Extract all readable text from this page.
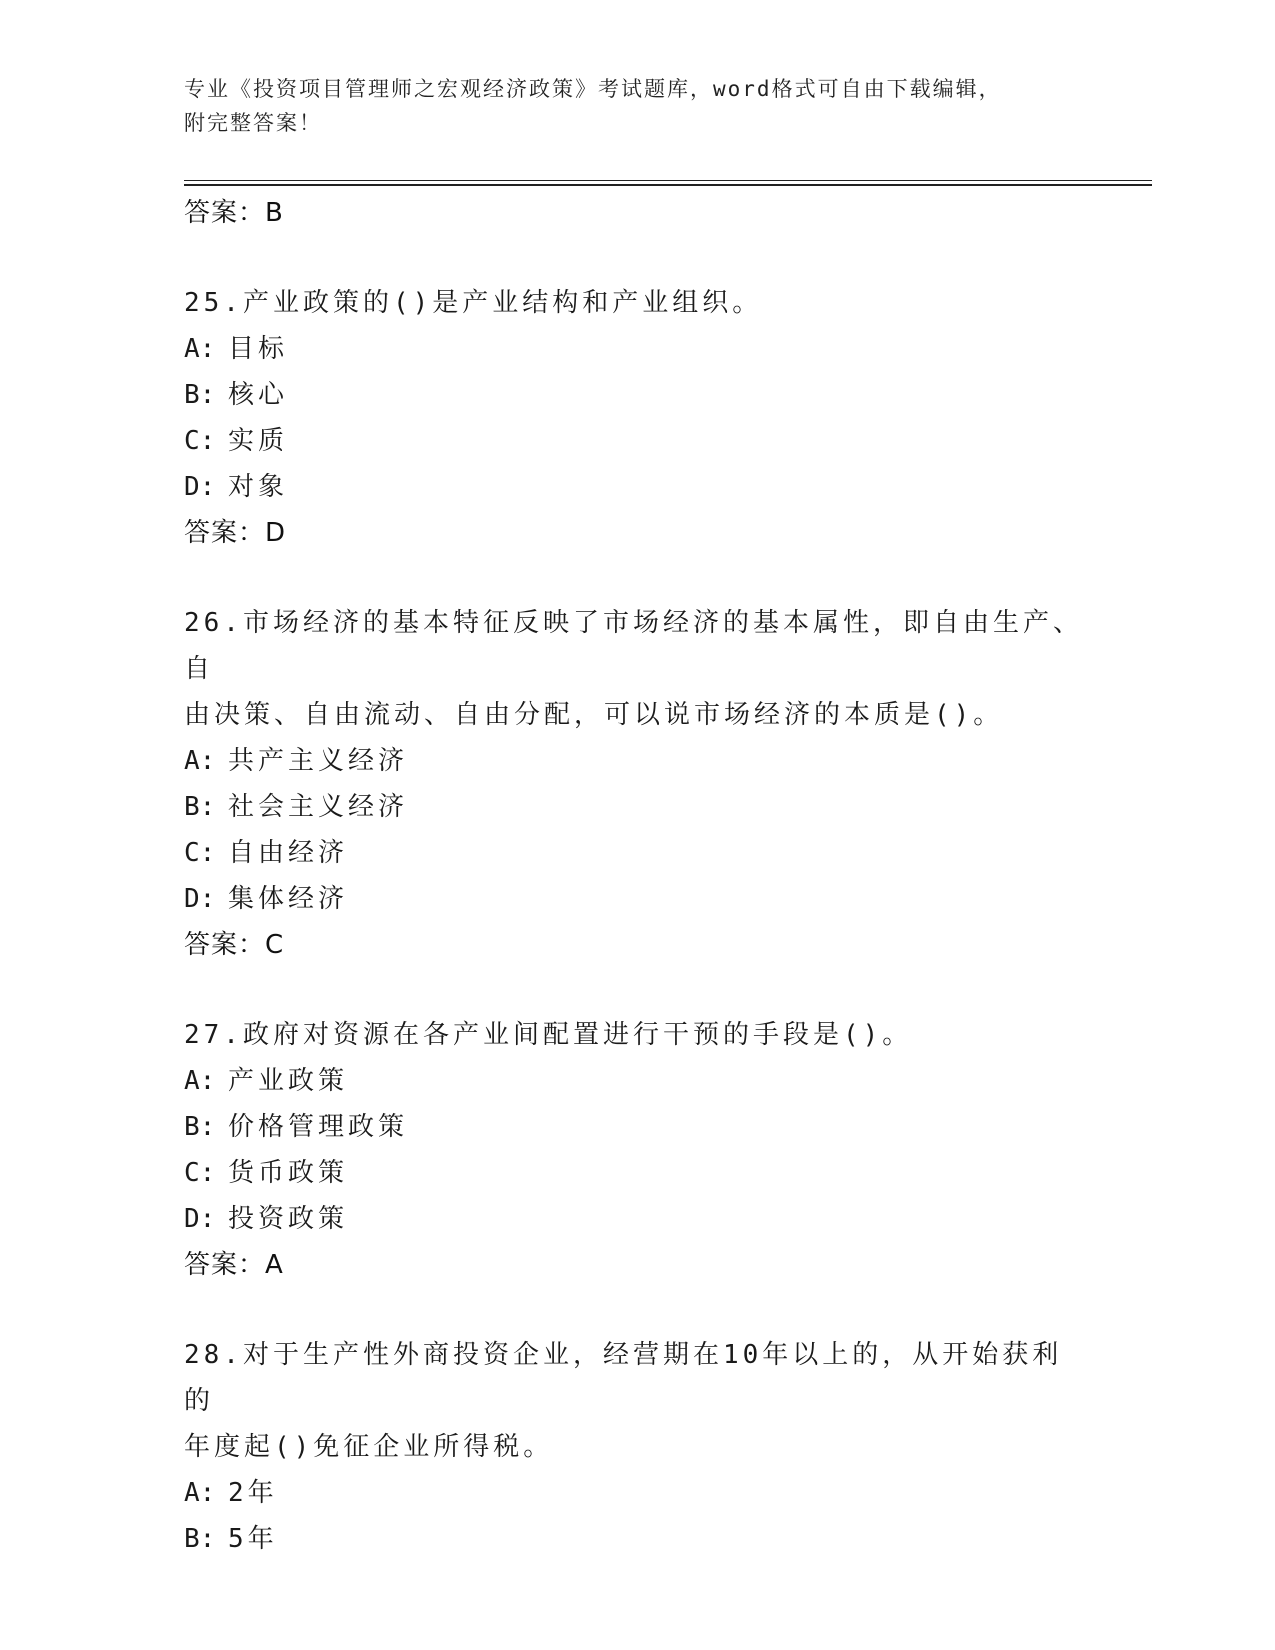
专业《投资项目管理师之宏观经济政策》考试题库，word格式可自由下载编辑，
附完整答案！
答案：B
25.产业政策的()是产业结构和产业组织。
A: 目标
B: 核心
C: 实质
D: 对象
答案：D
26.市场经济的基本特征反映了市场经济的基本属性，即自由生产、自
由决策、自由流动、自由分配，可以说市场经济的本质是()。
A: 共产主义经济
B: 社会主义经济
C: 自由经济
D: 集体经济
答案：C
27.政府对资源在各产业间配置进行干预的手段是()。
A: 产业政策
B: 价格管理政策
C: 货币政策
D: 投资政策
答案：A
28.对于生产性外商投资企业，经营期在10年以上的，从开始获利的
年度起()免征企业所得税。
A: 2年
B: 5年
